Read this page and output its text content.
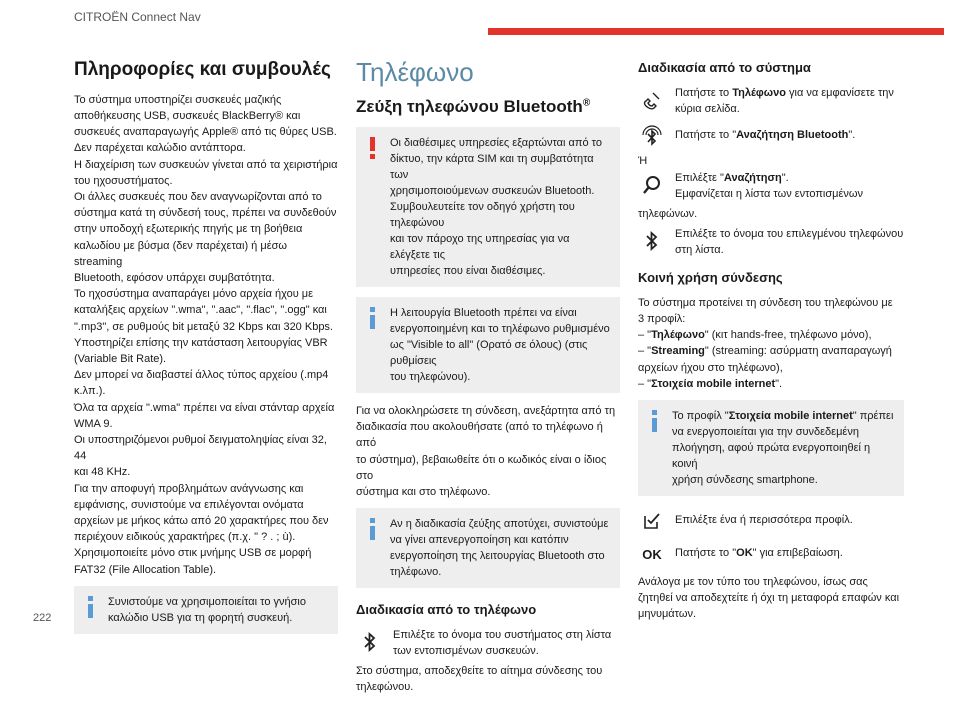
CITROËN Connect Nav
Πληροφορίες και συμβουλές
Το σύστημα υποστηρίζει συσκευές μαζικής
αποθήκευσης USB, συσκευές BlackBerry® και
συσκευές αναπαραγωγής Apple® από τις θύρες USB.
Δεν παρέχεται καλώδιο αντάπτορα.
Η διαχείριση των συσκευών γίνεται από τα χειριστήρια
του ηχοσυστήματος.
Οι άλλες συσκευές που δεν αναγνωρίζονται από το
σύστημα κατά τη σύνδεσή τους, πρέπει να συνδεθούν
στην υποδοχή εξωτερικής πηγής με τη βοήθεια
καλωδίου με βύσμα (δεν παρέχεται) ή μέσω streaming
Bluetooth, εφόσον υπάρχει συμβατότητα.
Το ηχοσύστημα αναπαράγει μόνο αρχεία ήχου με
καταλήξεις αρχείων ".wma", ".aac", ".flac", ".ogg" και
".mp3", σε ρυθμούς bit μεταξύ 32 Kbps και 320 Kbps.
Υποστηρίζει επίσης την κατάσταση λειτουργίας VBR
(Variable Bit Rate).
Δεν μπορεί να διαβαστεί άλλος τύπος αρχείου (.mp4
κ.λπ.).
Όλα τα αρχεία ".wma" πρέπει να είναι στάνταρ αρχεία
WMA 9.
Οι υποστηριζόμενοι ρυθμοί δειγματοληψίας είναι 32, 44
και 48 KHz.
Για την αποφυγή προβλημάτων ανάγνωσης και
εμφάνισης, συνιστούμε να επιλέγονται ονόματα
αρχείων με μήκος κάτω από 20 χαρακτήρες που δεν
περιέχουν ειδικούς χαρακτήρες (π.χ. " ? . ; ù).
Χρησιμοποιείτε μόνο στικ μνήμης USB σε μορφή
FAT32 (File Allocation Table).
Συνιστούμε να χρησιμοποιείται το γνήσιο
καλώδιο USB για τη φορητή συσκευή.
Τηλέφωνο
Ζεύξη τηλεφώνου Bluetooth®
Οι διαθέσιμες υπηρεσίες εξαρτώνται από το
δίκτυο, την κάρτα SIM και τη συμβατότητα των
χρησιμοποιούμενων συσκευών Bluetooth.
Συμβουλευτείτε τον οδηγό χρήστη του τηλεφώνου
και τον πάροχο της υπηρεσίας για να ελέγξετε τις
υπηρεσίες που είναι διαθέσιμες.
Η λειτουργία Bluetooth πρέπει να είναι
ενεργοποιημένη και το τηλέφωνο ρυθμισμένο
ως "Visible to all" (Ορατό σε όλους) (στις ρυθμίσεις
του τηλεφώνου).
Για να ολοκληρώσετε τη σύνδεση, ανεξάρτητα από τη
διαδικασία που ακολουθήσατε (από το τηλέφωνο ή από
το σύστημα), βεβαιωθείτε ότι ο κωδικός είναι ο ίδιος στο
σύστημα και στο τηλέφωνο.
Αν η διαδικασία ζεύξης αποτύχει, συνιστούμε
να γίνει απενεργοποίηση και κατόπιν
ενεργοποίηση της λειτουργίας Bluetooth στο
τηλέφωνο.
Διαδικασία από το τηλέφωνο
Επιλέξτε το όνομα του συστήματος στη λίστα
των εντοπισμένων συσκευών.
Στο σύστημα, αποδεχθείτε το αίτημα σύνδεσης του
τηλεφώνου.
Διαδικασία από το σύστημα
Πατήστε το Τηλέφωνο για να εμφανίσετε την
κύρια σελίδα.
Πατήστε το "Αναζήτηση Bluetooth".
Ή
Επιλέξτε "Αναζήτηση".
Εμφανίζεται η λίστα των εντοπισμένων
τηλεφώνων.
Επιλέξτε το όνομα του επιλεγμένου τηλεφώνου
στη λίστα.
Κοινή χρήση σύνδεσης
Το σύστημα προτείνει τη σύνδεση του τηλεφώνου με
3 προφίλ:
– "Τηλέφωνο" (κιτ hands-free, τηλέφωνο μόνο),
– "Streaming" (streaming: ασύρματη αναπαραγωγή
αρχείων ήχου στο τηλέφωνο),
– "Στοιχεία mobile internet".
Το προφίλ "Στοιχεία mobile internet" πρέπει
να ενεργοποιείται για την συνδεδεμένη
πλοήγηση, αφού πρώτα ενεργοποιηθεί η κοινή
χρήση σύνδεσης smartphone.
Επιλέξτε ένα ή περισσότερα προφίλ.
OK Πατήστε το "OK" για επιβεβαίωση.
Ανάλογα με τον τύπο του τηλεφώνου, ίσως σας
ζητηθεί να αποδεχτείτε ή όχι τη μεταφορά επαφών και
μηνυμάτων.
222
